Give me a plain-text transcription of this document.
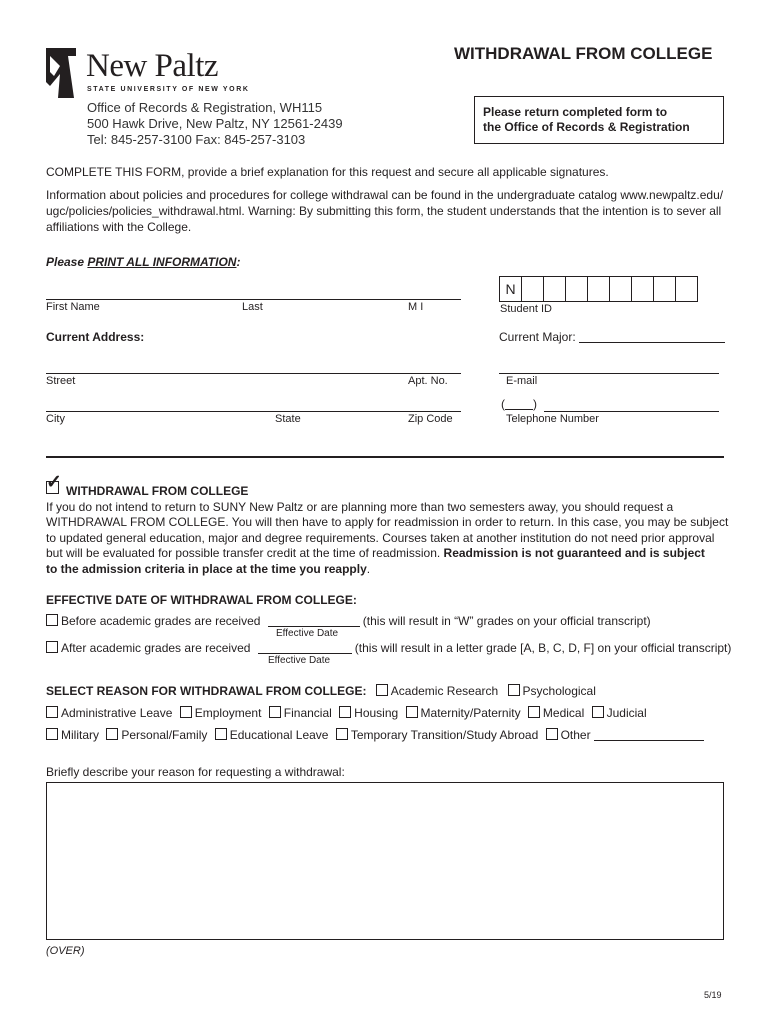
New Paltz
STATE UNIVERSITY OF NEW YORK
WITHDRAWAL FROM COLLEGE
Office of Records & Registration, WH115
500 Hawk Drive, New Paltz, NY 12561-2439
Tel: 845-257-3100 Fax: 845-257-3103
Please return completed form to
the Office of Records & Registration
COMPLETE THIS FORM, provide a brief explanation for this request and secure all applicable signatures.
Information about policies and procedures for college withdrawal can be found in the undergraduate catalog www.newpaltz.edu/
ugc/policies/policies_withdrawal.html. Warning: By submitting this form, the student understands that the intention is to sever all
affiliations with the College.
Please PRINT ALL INFORMATION:
First Name	Last	M I
N
Student ID
Current Address:	Current Major:
Street	Apt. No.	E-mail
City	State	Zip Code
( )
Telephone Number
✓ WITHDRAWAL FROM COLLEGE
If you do not intend to return to SUNY New Paltz or are planning more than two semesters away, you should request a
WITHDRAWAL FROM COLLEGE. You will then have to apply for readmission in order to return. In this case, you may be subject
to updated general education, major and degree requirements. Courses taken at another institution do not need prior approval
but will be evaluated for possible transfer credit at the time of readmission. Readmission is not guaranteed and is subject
to the admission criteria in place at the time you reapply.
EFFECTIVE DATE OF WITHDRAWAL FROM COLLEGE:
Before academic grades are received	(this will result in “W” grades on your official transcript)
Effective Date
After academic grades are received	(this will result in a letter grade [A, B, C, D, F] on your official transcript)
Effective Date
SELECT REASON FOR WITHDRAWAL FROM COLLEGE: Academic Research Psychological
Administrative Leave Employment Financial Housing Maternity/Paternity Medical Judicial
Military Personal/Family Educational Leave Temporary Transition/Study Abroad Other
Briefly describe your reason for requesting a withdrawal:
(OVER)
5/19
